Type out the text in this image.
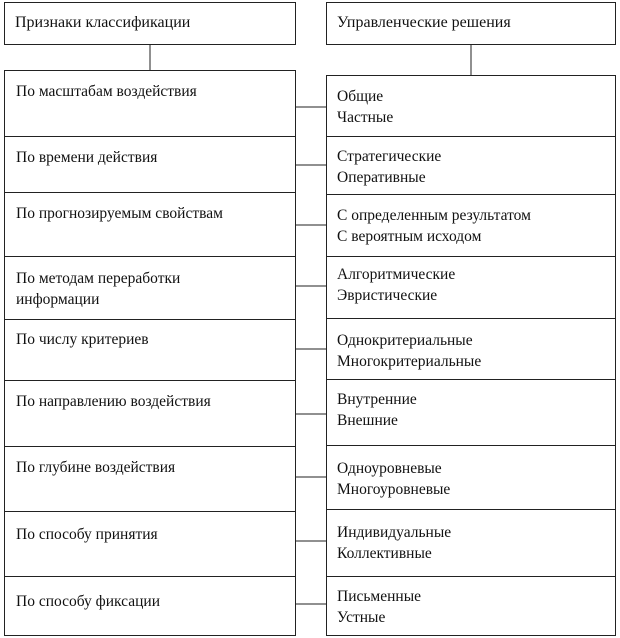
Признаки классификации	Управленческие решения
По масштабам воздействия
По времени действия
По прогнозируемым свойствам
По методам переработки
информации
По числу критериев
По направлению воздействия
По глубине воздействия
По способу принятия
По способу фиксации
Общие
Частные
Стратегические
Оперативные
С определенным результатом
С вероятным исходом
Алгоритмические
Эвристические
Однокритериальные
Многокритериальные
Внутренние
Внешние
Одноуровневые
Многоуровневые
Индивидуальные
Коллективные
Письменные
Устные
